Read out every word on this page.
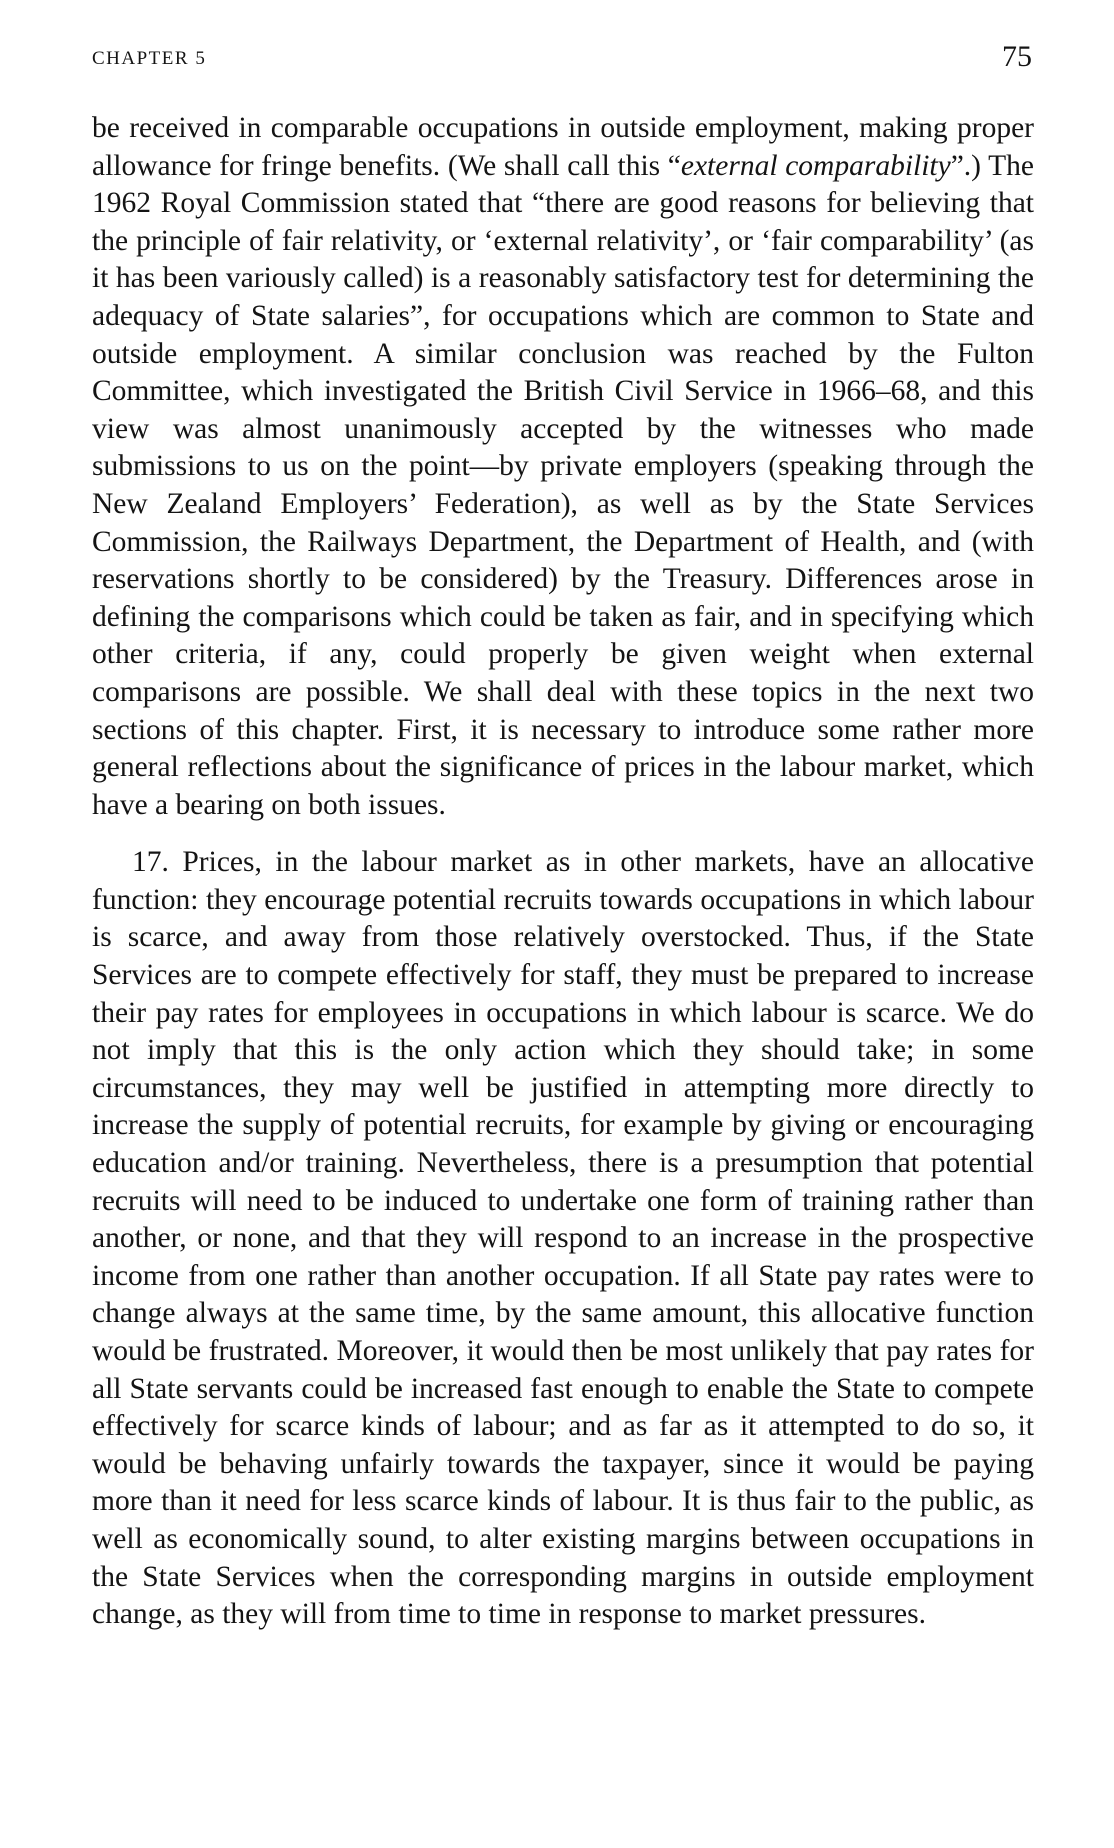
CHAPTER 5	75

be received in comparable occupations in outside employment, making proper allowance for fringe benefits. (We shall call this “external comparability”.) The 1962 Royal Commission stated that “there are good reasons for believing that the principle of fair relativity, or ‘external relativity’, or ‘fair comparability’ (as it has been variously called) is a reasonably satisfactory test for determining the adequacy of State salaries”, for occupations which are common to State and outside employment. A similar conclusion was reached by the Fulton Committee, which investigated the British Civil Service in 1966–68, and this view was almost unanimously accepted by the witnesses who made submissions to us on the point—by private employers (speaking through the New Zealand Employers’ Federation), as well as by the State Services Commission, the Railways Department, the Department of Health, and (with reservations shortly to be considered) by the Treasury. Differences arose in defining the comparisons which could be taken as fair, and in specifying which other criteria, if any, could properly be given weight when external comparisons are possible. We shall deal with these topics in the next two sections of this chapter. First, it is necessary to introduce some rather more general reflections about the significance of prices in the labour market, which have a bearing on both issues.

17. Prices, in the labour market as in other markets, have an allocative function: they encourage potential recruits towards occupations in which labour is scarce, and away from those relatively overstocked. Thus, if the State Services are to compete effectively for staff, they must be prepared to increase their pay rates for employees in occupations in which labour is scarce. We do not imply that this is the only action which they should take; in some circumstances, they may well be justified in attempting more directly to increase the supply of potential recruits, for example by giving or encouraging education and/or training. Nevertheless, there is a presumption that potential recruits will need to be induced to undertake one form of training rather than another, or none, and that they will respond to an increase in the prospective income from one rather than another occupation. If all State pay rates were to change always at the same time, by the same amount, this allocative function would be frustrated. Moreover, it would then be most unlikely that pay rates for all State servants could be increased fast enough to enable the State to compete effectively for scarce kinds of labour; and as far as it attempted to do so, it would be behaving unfairly towards the taxpayer, since it would be paying more than it need for less scarce kinds of labour. It is thus fair to the public, as well as economically sound, to alter existing margins between occupations in the State Services when the corresponding margins in outside employment change, as they will from time to time in response to market pressures.
